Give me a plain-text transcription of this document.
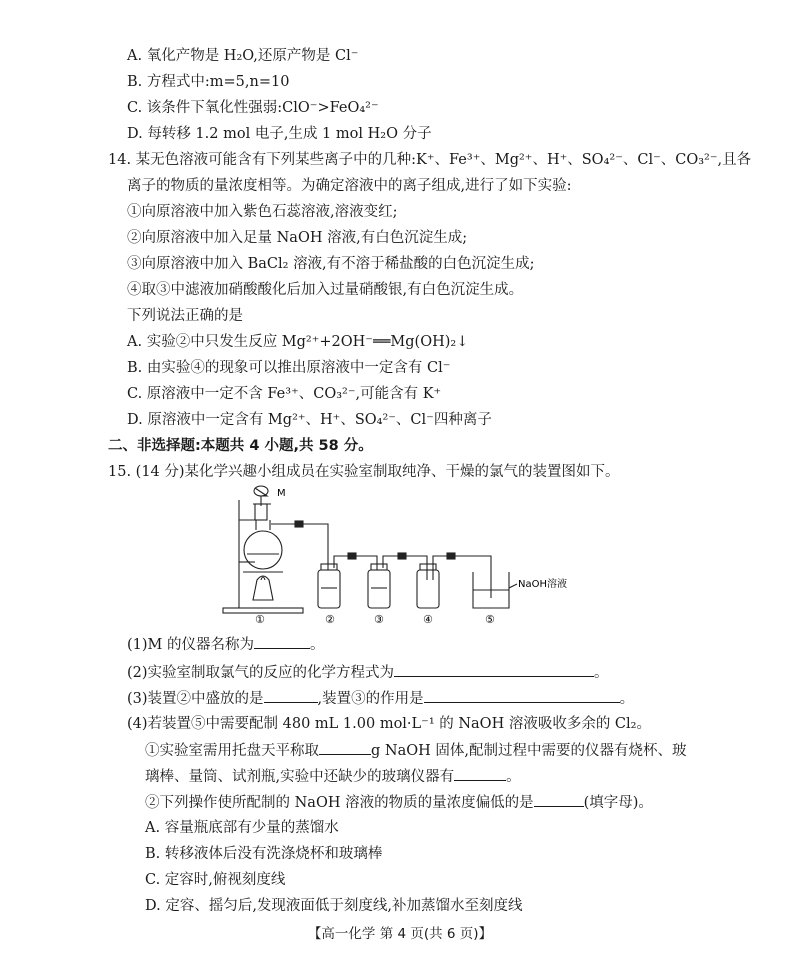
A. 氧化产物是 H₂O,还原产物是 Cl⁻
B. 方程式中:m=5,n=10
C. 该条件下氧化性强弱:ClO⁻>FeO₄²⁻
D. 每转移 1.2 mol 电子,生成 1 mol H₂O 分子
14. 某无色溶液可能含有下列某些离子中的几种:K⁺、Fe³⁺、Mg²⁺、H⁺、SO₄²⁻、Cl⁻、CO₃²⁻,且各
离子的物质的量浓度相等。为确定溶液中的离子组成,进行了如下实验:
①向原溶液中加入紫色石蕊溶液,溶液变红;
②向原溶液中加入足量 NaOH 溶液,有白色沉淀生成;
③向原溶液中加入 BaCl₂ 溶液,有不溶于稀盐酸的白色沉淀生成;
④取③中滤液加硝酸酸化后加入过量硝酸银,有白色沉淀生成。
下列说法正确的是
A. 实验②中只发生反应 Mg²⁺+2OH⁻══Mg(OH)₂↓
B. 由实验④的现象可以推出原溶液中一定含有 Cl⁻
C. 原溶液中一定不含 Fe³⁺、CO₃²⁻,可能含有 K⁺
D. 原溶液中一定含有 Mg²⁺、H⁺、SO₄²⁻、Cl⁻四种离子
二、非选择题:本题共 4 小题,共 58 分。
15. (14 分)某化学兴趣小组成员在实验室制取纯净、干燥的氯气的装置图如下。
M
NaOH溶液
①	②	③	④	⑤
(1)M 的仪器名称为	。
(2)实验室制取氯气的反应的化学方程式为	。
(3)装置②中盛放的是	,装置③的作用是	。
(4)若装置⑤中需要配制 480 mL 1.00 mol·L⁻¹ 的 NaOH 溶液吸收多余的 Cl₂。
①实验室需用托盘天平称取	g NaOH 固体,配制过程中需要的仪器有烧杯、玻
璃棒、量筒、试剂瓶,实验中还缺少的玻璃仪器有	。
②下列操作使所配制的 NaOH 溶液的物质的量浓度偏低的是	(填字母)。
A. 容量瓶底部有少量的蒸馏水
B. 转移液体后没有洗涤烧杯和玻璃棒
C. 定容时,俯视刻度线
D. 定容、摇匀后,发现液面低于刻度线,补加蒸馏水至刻度线
【高一化学 第 4 页(共 6 页)】
